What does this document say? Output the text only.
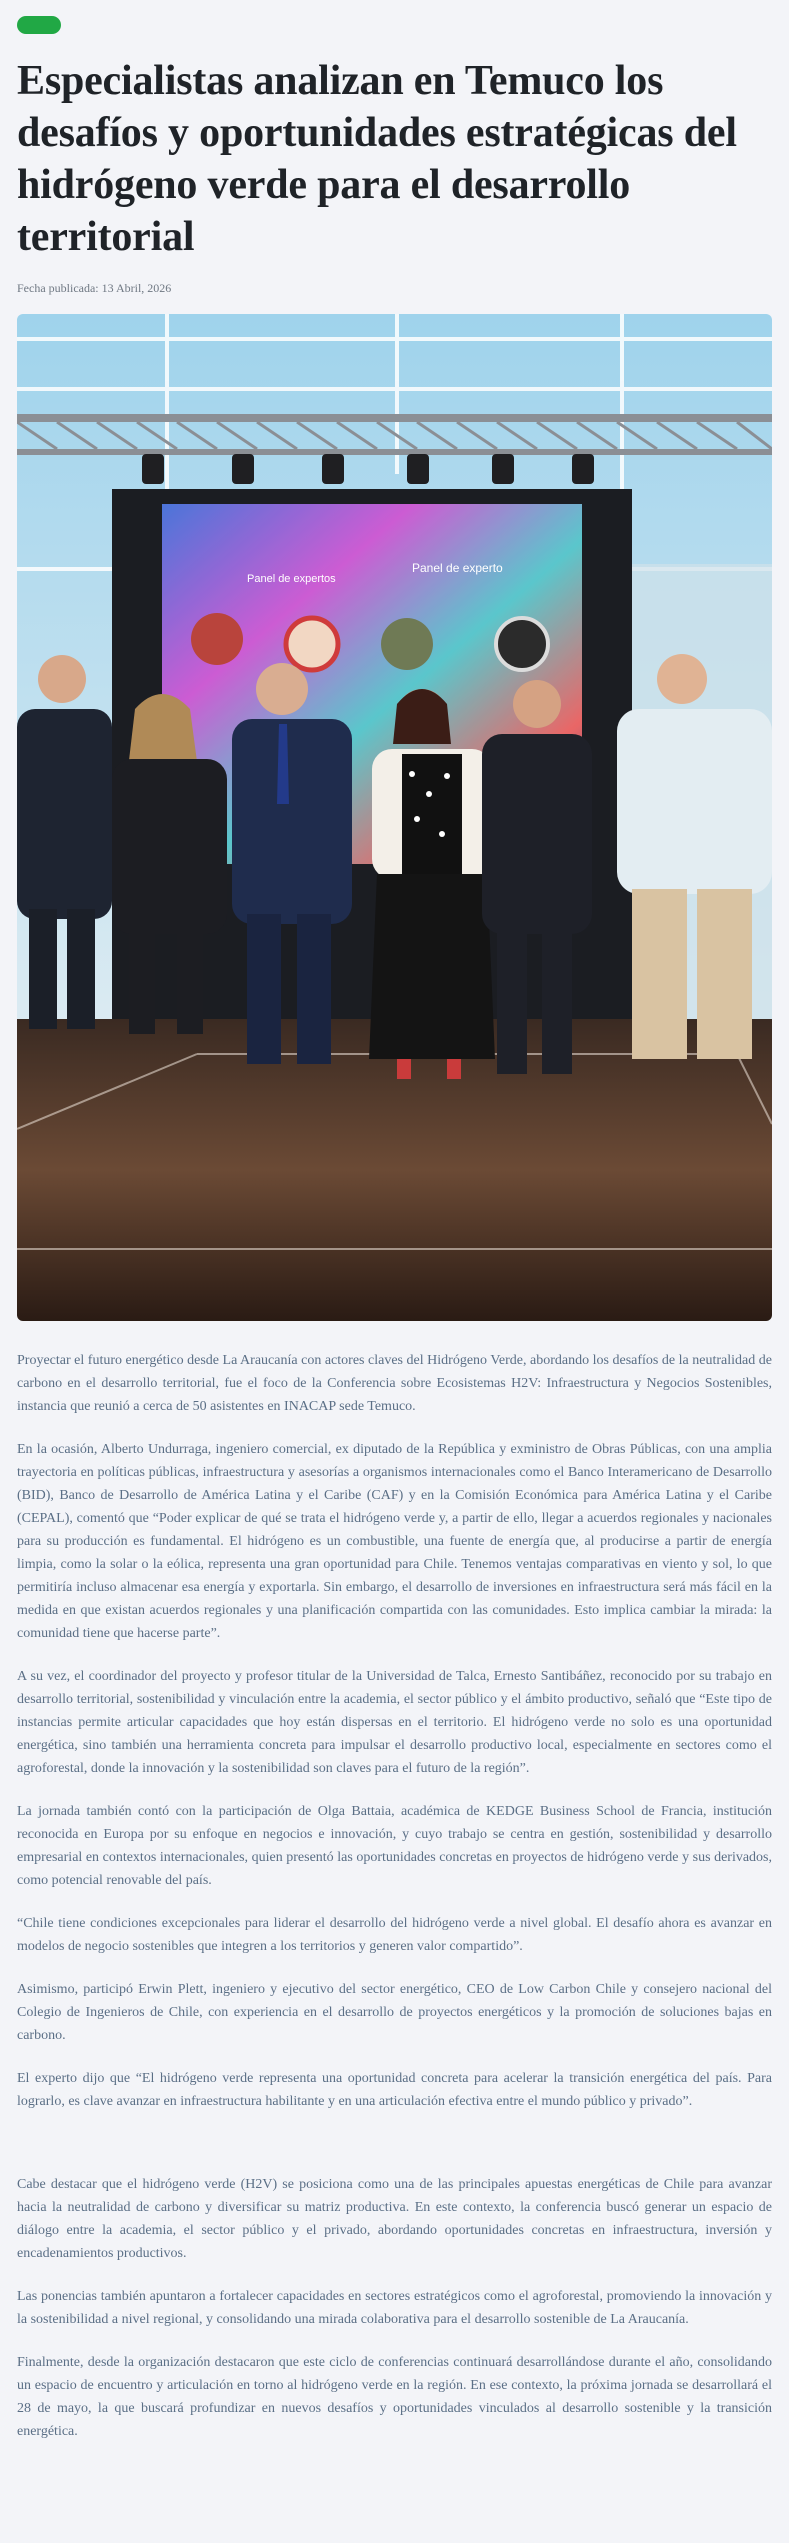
Especialistas analizan en Temuco los desafíos y oportunidades estratégicas del hidrógeno verde para el desarrollo territorial
Fecha publicada: 13 Abril, 2026
Panel de expertos
Panel de experto

Proyectar el futuro energético desde La Araucanía con actores claves del Hidrógeno Verde, abordando los desafíos de la neutralidad de carbono en el desarrollo territorial, fue el foco de la Conferencia sobre Ecosistemas H2V: Infraestructura y Negocios Sostenibles, instancia que reunió a cerca de 50 asistentes en INACAP sede Temuco.

En la ocasión, Alberto Undurraga, ingeniero comercial, ex diputado de la República y exministro de Obras Públicas, con una amplia trayectoria en políticas públicas, infraestructura y asesorías a organismos internacionales como el Banco Interamericano de Desarrollo (BID), Banco de Desarrollo de América Latina y el Caribe (CAF) y en la Comisión Económica para América Latina y el Caribe (CEPAL), comentó que “Poder explicar de qué se trata el hidrógeno verde y, a partir de ello, llegar a acuerdos regionales y nacionales para su producción es fundamental. El hidrógeno es un combustible, una fuente de energía que, al producirse a partir de energía limpia, como la solar o la eólica, representa una gran oportunidad para Chile. Tenemos ventajas comparativas en viento y sol, lo que permitiría incluso almacenar esa energía y exportarla. Sin embargo, el desarrollo de inversiones en infraestructura será más fácil en la medida en que existan acuerdos regionales y una planificación compartida con las comunidades. Esto implica cambiar la mirada: la comunidad tiene que hacerse parte”.

A su vez, el coordinador del proyecto y profesor titular de la Universidad de Talca, Ernesto Santibáñez, reconocido por su trabajo en desarrollo territorial, sostenibilidad y vinculación entre la academia, el sector público y el ámbito productivo, señaló que “Este tipo de instancias permite articular capacidades que hoy están dispersas en el territorio. El hidrógeno verde no solo es una oportunidad energética, sino también una herramienta concreta para impulsar el desarrollo productivo local, especialmente en sectores como el agroforestal, donde la innovación y la sostenibilidad son claves para el futuro de la región”.

La jornada también contó con la participación de Olga Battaia, académica de KEDGE Business School de Francia, institución reconocida en Europa por su enfoque en negocios e innovación, y cuyo trabajo se centra en gestión, sostenibilidad y desarrollo empresarial en contextos internacionales, quien presentó las oportunidades concretas en proyectos de hidrógeno verde y sus derivados, como potencial renovable del país.

“Chile tiene condiciones excepcionales para liderar el desarrollo del hidrógeno verde a nivel global. El desafío ahora es avanzar en modelos de negocio sostenibles que integren a los territorios y generen valor compartido”.

Asimismo, participó Erwin Plett, ingeniero y ejecutivo del sector energético, CEO de Low Carbon Chile y consejero nacional del Colegio de Ingenieros de Chile, con experiencia en el desarrollo de proyectos energéticos y la promoción de soluciones bajas en carbono.

El experto dijo que “El hidrógeno verde representa una oportunidad concreta para acelerar la transición energética del país. Para lograrlo, es clave avanzar en infraestructura habilitante y en una articulación efectiva entre el mundo público y privado”.

Cabe destacar que el hidrógeno verde (H2V) se posiciona como una de las principales apuestas energéticas de Chile para avanzar hacia la neutralidad de carbono y diversificar su matriz productiva. En este contexto, la conferencia buscó generar un espacio de diálogo entre la academia, el sector público y el privado, abordando oportunidades concretas en infraestructura, inversión y encadenamientos productivos.

Las ponencias también apuntaron a fortalecer capacidades en sectores estratégicos como el agroforestal, promoviendo la innovación y la sostenibilidad a nivel regional, y consolidando una mirada colaborativa para el desarrollo sostenible de La Araucanía.

Finalmente, desde la organización destacaron que este ciclo de conferencias continuará desarrollándose durante el año, consolidando un espacio de encuentro y articulación en torno al hidrógeno verde en la región. En ese contexto, la próxima jornada se desarrollará el 28 de mayo, la que buscará profundizar en nuevos desafíos y oportunidades vinculados al desarrollo sostenible y la transición energética.
